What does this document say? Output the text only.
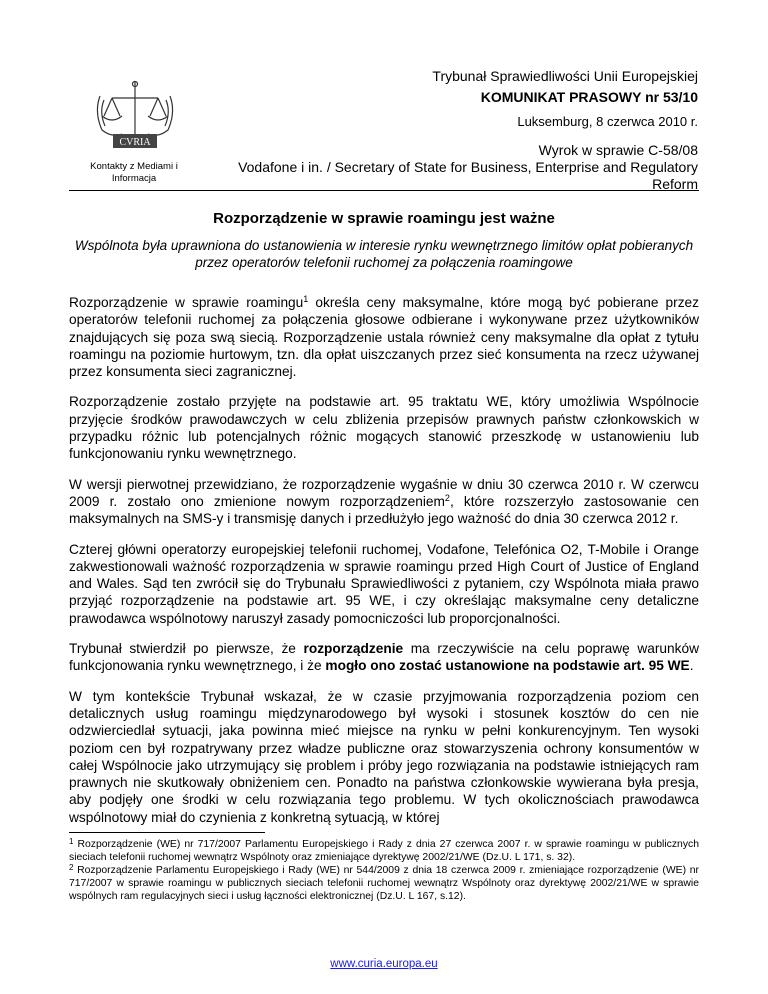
CVRIA
Kontakty z Mediami i Informacja
Trybunał Sprawiedliwości Unii Europejskiej
KOMUNIKAT PRASOWY nr 53/10
Luksemburg, 8 czerwca 2010 r.
Wyrok w sprawie C-58/08
Vodafone i in. / Secretary of State for Business, Enterprise and Regulatory
Reform
Rozporządzenie w sprawie roamingu jest ważne
Wspólnota była uprawniona do ustanowienia w interesie rynku wewnętrznego limitów opłat pobieranych przez operatorów telefonii ruchomej za połączenia roamingowe

Rozporządzenie w sprawie roamingu$^1$ określa ceny maksymalne, które mogą być pobierane przez operatorów telefonii ruchomej za połączenia głosowe odbierane i wykonywane przez użytkowników znajdujących się poza swą siecią. Rozporządzenie ustala również ceny maksymalne dla opłat z tytułu roamingu na poziomie hurtowym, tzn. dla opłat uiszczanych przez sieć konsumenta na rzecz używanej przez konsumenta sieci zagranicznej.

Rozporządzenie zostało przyjęte na podstawie art. 95 traktatu WE, który umożliwia Wspólnocie przyjęcie środków prawodawczych w celu zbliżenia przepisów prawnych państw członkowskich w przypadku różnic lub potencjalnych różnic mogących stanowić przeszkodę w ustanowieniu lub funkcjonowaniu rynku wewnętrznego.

W wersji pierwotnej przewidziano, że rozporządzenie wygaśnie w dniu 30 czerwca 2010 r. W czerwcu 2009 r. zostało ono zmienione nowym rozporządzeniem$^2$, które rozszerzyło zastosowanie cen maksymalnych na SMS-y i transmisję danych i przedłużyło jego ważność do dnia 30 czerwca 2012 r.

Czterej główni operatorzy europejskiej telefonii ruchomej, Vodafone, Telefónica O2, T-Mobile i Orange zakwestionowali ważność rozporządzenia w sprawie roamingu przed High Court of Justice of England and Wales. Sąd ten zwrócił się do Trybunału Sprawiedliwości z pytaniem, czy Wspólnota miała prawo przyjąć rozporządzenie na podstawie art. 95 WE, i czy określając maksymalne ceny detaliczne prawodawca wspólnotowy naruszył zasady pomocniczości lub proporcjonalności.

Trybunał stwierdził po pierwsze, że rozporządzenie ma rzeczywiście na celu poprawę warunków funkcjonowania rynku wewnętrznego, i że mogło ono zostać ustanowione na podstawie art. 95 WE.

W tym kontekście Trybunał wskazał, że w czasie przyjmowania rozporządzenia poziom cen detalicznych usług roamingu międzynarodowego był wysoki i stosunek kosztów do cen nie odzwierciedlał sytuacji, jaka powinna mieć miejsce na rynku w pełni konkurencyjnym. Ten wysoki poziom cen był rozpatrywany przez władze publiczne oraz stowarzyszenia ochrony konsumentów w całej Wspólnocie jako utrzymujący się problem i próby jego rozwiązania na podstawie istniejących ram prawnych nie skutkowały obniżeniem cen. Ponadto na państwa członkowskie wywierana była presja, aby podjęły one środki w celu rozwiązania tego problemu. W tych okolicznościach prawodawca wspólnotowy miał do czynienia z konkretną sytuacją, w której

$^1$ Rozporządzenie (WE) nr 717/2007 Parlamentu Europejskiego i Rady z dnia 27 czerwca 2007 r. w sprawie roamingu w publicznych sieciach telefonii ruchomej wewnątrz Wspólnoty oraz zmieniające dyrektywę 2002/21/WE (Dz.U. L 171, s. 32).

$^2$ Rozporządzenie Parlamentu Europejskiego i Rady (WE) nr 544/2009 z dnia 18 czerwca 2009 r. zmieniające rozporządzenie (WE) nr 717/2007 w sprawie roamingu w publicznych sieciach telefonii ruchomej wewnątrz Wspólnoty oraz dyrektywę 2002/21/WE w sprawie wspólnych ram regulacyjnych sieci i usług łączności elektronicznej (Dz.U. L 167, s.12).

www.curia.europa.eu
